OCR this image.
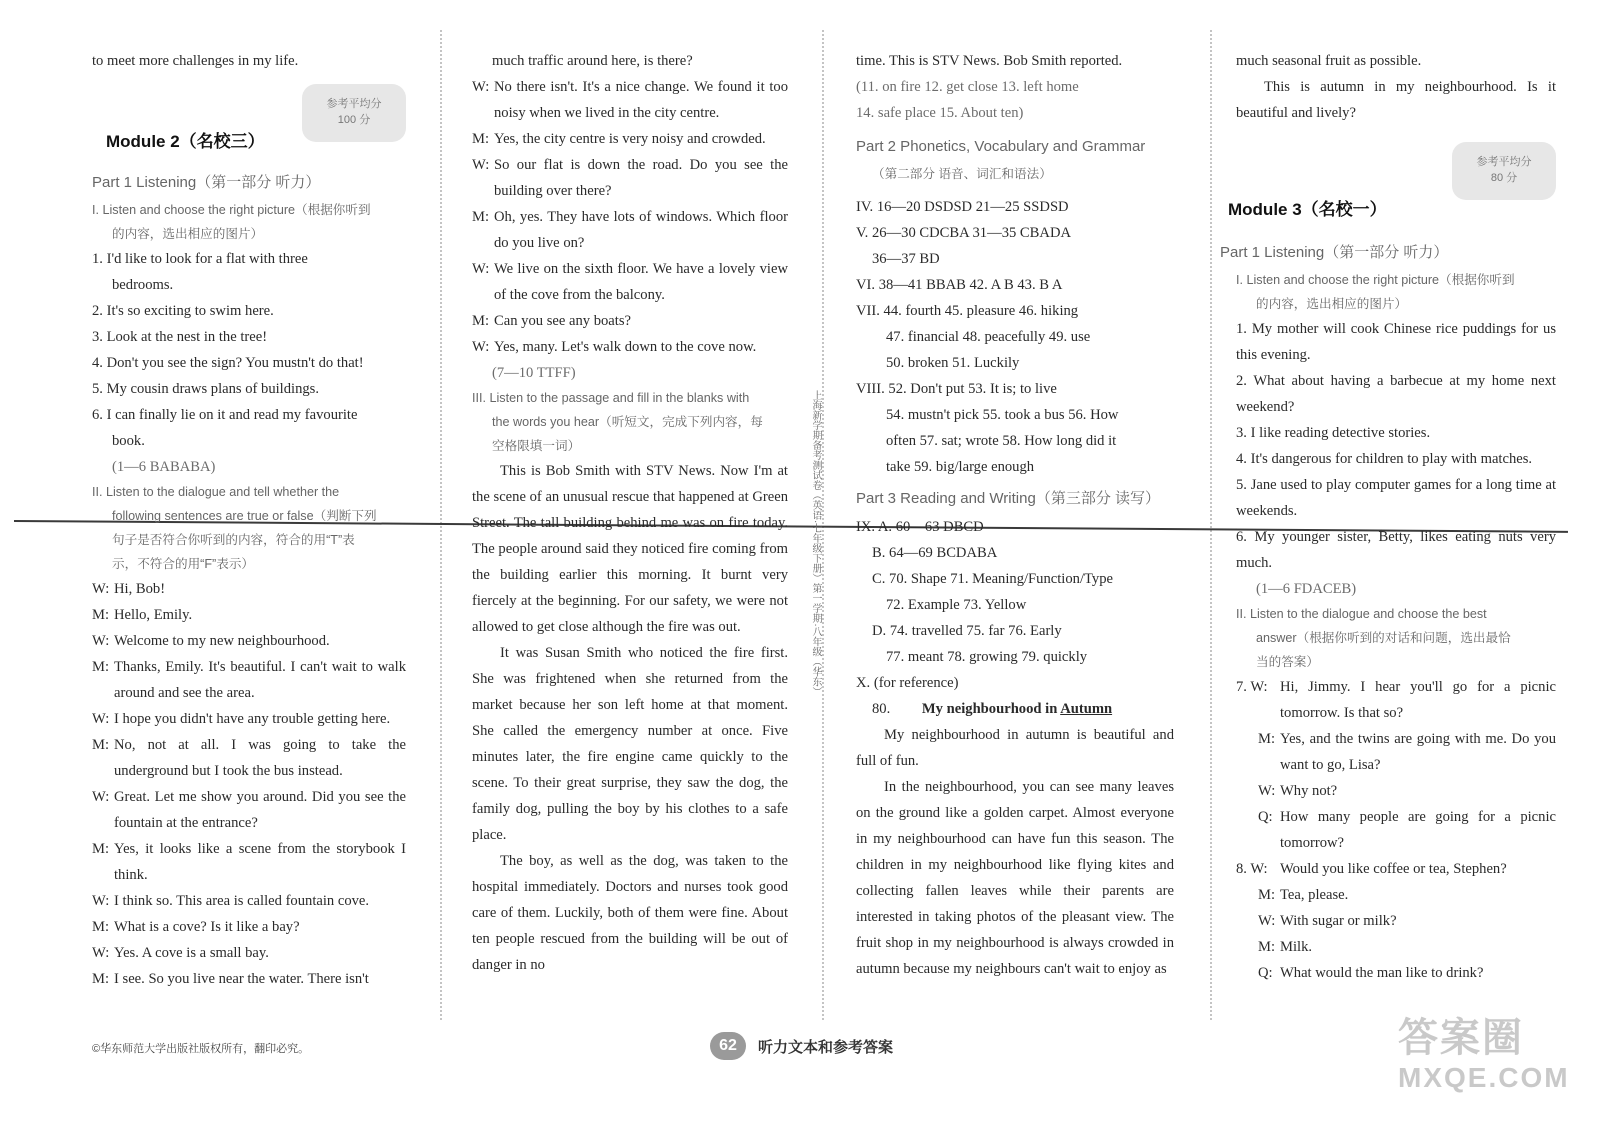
to meet more challenges in my life.
Module 2（名校三）
参考平均分
100 分
Part 1 Listening（第一部分 听力）
I. Listen and choose the right picture（根据你听到
的内容，选出相应的图片）
1. I'd like to look for a flat with three
bedrooms.
2. It's so exciting to swim here.
3. Look at the nest in the tree!
4. Don't you see the sign? You mustn't do that!
5. My cousin draws plans of buildings.
6. I can finally lie on it and read my favourite
book.
(1—6 BABABA)
II. Listen to the dialogue and tell whether the
following sentences are true or false（判断下列
句子是否符合你听到的内容，符合的用“T”表
示，不符合的用“F”表示）
W: Hi, Bob!
M: Hello, Emily.
W: Welcome to my new neighbourhood.
M: Thanks, Emily. It's beautiful. I can't wait to walk around and see the area.
W: I hope you didn't have any trouble getting here.
M: No, not at all. I was going to take the underground but I took the bus instead.
W: Great. Let me show you around. Did you see the fountain at the entrance?
M: Yes, it looks like a scene from the storybook I think.
W: I think so. This area is called fountain cove.
M: What is a cove? Is it like a bay?
W: Yes. A cove is a small bay.
M: I see. So you live near the water. There isn't
much traffic around here, is there?
W: No there isn't. It's a nice change. We found it too noisy when we lived in the city centre.
M: Yes, the city centre is very noisy and crowded.
W: So our flat is down the road. Do you see the building over there?
M: Oh, yes. They have lots of windows. Which floor do you live on?
W: We live on the sixth floor. We have a lovely view of the cove from the balcony.
M: Can you see any boats?
W: Yes, many. Let's walk down to the cove now.
(7—10 TTFF)
III. Listen to the passage and fill in the blanks with
the words you hear（听短文，完成下列内容，每
空格限填一词）
This is Bob Smith with STV News. Now I'm at the scene of an unusual rescue that happened at Green Street. The tall building behind me was on fire today. The people around said they noticed fire coming from the building earlier this morning. It burnt very fiercely at the beginning. For our safety, we were not allowed to get close although the fire was out.
It was Susan Smith who noticed the fire first. She was frightened when she returned from the market because her son left home at that moment. She called the emergency number at once. Five minutes later, the fire engine came quickly to the scene. To their great surprise, they saw the dog, the family dog, pulling the boy by his clothes to a safe place.
The boy, as well as the dog, was taken to the hospital immediately. Doctors and nurses took good care of them. Luckily, both of them were fine. About ten people rescued from the building will be out of danger in no
上海新学期备考测试卷（英语·七年级下册）第一学期·八年级（华东）
time. This is STV News. Bob Smith reported.
(11. on fire 12. get close 13. left home
14. safe place 15. About ten)
Part 2 Phonetics, Vocabulary and Grammar
（第二部分 语音、词汇和语法）
IV. 16—20 DSDSD 21—25 SSDSD
V. 26—30 CDCBA 31—35 CBADA
36—37 BD
VI. 38—41 BBAB 42. A B 43. B A
VII. 44. fourth 45. pleasure 46. hiking
47. financial 48. peacefully 49. use
50. broken 51. Luckily
VIII. 52. Don't put 53. It is; to live
54. mustn't pick 55. took a bus 56. How
often 57. sat; wrote 58. How long did it
take 59. big/large enough
Part 3 Reading and Writing（第三部分 读写）
IX. A. 60—63 DBCD
B. 64—69 BCDABA
C. 70. Shape 71. Meaning/Function/Type
72. Example 73. Yellow
D. 74. travelled 75. far 76. Early
77. meant 78. growing 79. quickly
X. (for reference)
80. My neighbourhood in Autumn
My neighbourhood in autumn is beautiful and full of fun.
In the neighbourhood, you can see many leaves on the ground like a golden carpet. Almost everyone in my neighbourhood can have fun this season. The children in my neighbourhood like flying kites and collecting fallen leaves while their parents are interested in taking photos of the pleasant view. The fruit shop in my neighbourhood is always crowded in autumn because my neighbours can't wait to enjoy as
much seasonal fruit as possible.
This is autumn in my neighbourhood. Is it beautiful and lively?
Module 3（名校一）
参考平均分
80 分
Part 1 Listening（第一部分 听力）
I. Listen and choose the right picture（根据你听到
的内容，选出相应的图片）
1. My mother will cook Chinese rice puddings for us this evening.
2. What about having a barbecue at my home next weekend?
3. I like reading detective stories.
4. It's dangerous for children to play with matches.
5. Jane used to play computer games for a long time at weekends.
6. My younger sister, Betty, likes eating nuts very much.
(1—6 FDACEB)
II. Listen to the dialogue and choose the best
answer（根据你听到的对话和问题，选出最恰
当的答案）
7. W: Hi, Jimmy. I hear you'll go for a picnic tomorrow. Is that so?
M: Yes, and the twins are going with me. Do you want to go, Lisa?
W: Why not?
Q: How many people are going for a picnic tomorrow?
8. W: Would you like coffee or tea, Stephen?
M: Tea, please.
W: With sugar or milk?
M: Milk.
Q: What would the man like to drink?
©华东师范大学出版社版权所有，翻印必究。	62	听力文本和参考答案	答案圈
MXQE.COM
